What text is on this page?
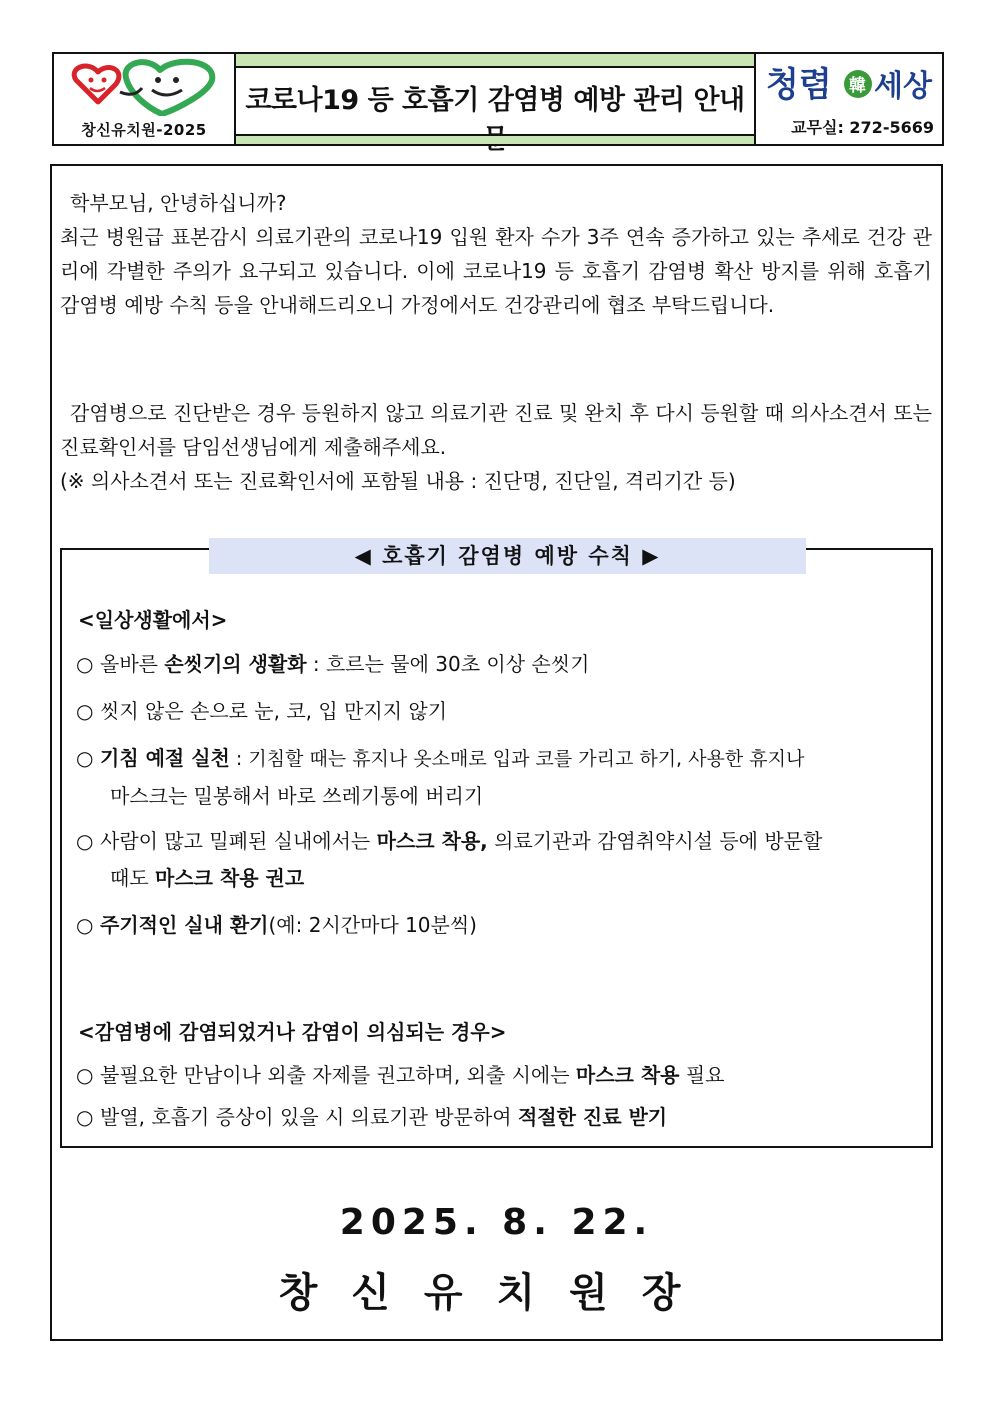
창신유치원-2025
코로나19 등 호흡기 감염병 예방 관리 안내 청렴 韓 세상
교무실: 272-5669
학부모님, 안녕하십니까?
최근 병원급 표본감시 의료기관의 코로나19 입원 환자 수가 3주 연속 증가하고 있는 추세로 건강 관리에 각별한 주의가 요구되고 있습니다. 이에 코로나19 등 호흡기 감염병 확산 방지를 위해 호흡기 감염병 예방 수칙 등을 안내해드리오니 가정에서도 건강관리에 협조 부탁드립니다.
감염병으로 진단받은 경우 등원하지 않고 의료기관 진료 및 완치 후 다시 등원할 때 의사소견서 또는 진료확인서를 담임선생님에게 제출해주세요.
(※ 의사소견서 또는 진료확인서에 포함될 내용 : 진단명, 진단일, 격리기간 등)
◀ 호흡기 감염병 예방 수칙 ▶
<일상생활에서>
○ 올바른 손씻기의 생활화 : 흐르는 물에 30초 이상 손씻기
○ 씻지 않은 손으로 눈, 코, 입 만지지 않기
○ 기침 예절 실천 : 기침할 때는 휴지나 옷소매로 입과 코를 가리고 하기, 사용한 휴지나
마스크는 밀봉해서 바로 쓰레기통에 버리기
○ 사람이 많고 밀폐된 실내에서는 마스크 착용, 의료기관과 감염취약시설 등에 방문할
때도 마스크 착용 권고
○ 주기적인 실내 환기(예: 2시간마다 10분씩)
<감염병에 감염되었거나 감염이 의심되는 경우>
○ 불필요한 만남이나 외출 자제를 권고하며, 외출 시에는 마스크 착용 필요
○ 발열, 호흡기 증상이 있을 시 의료기관 방문하여 적절한 진료 받기
2025. 8. 22.
창신유치원장
